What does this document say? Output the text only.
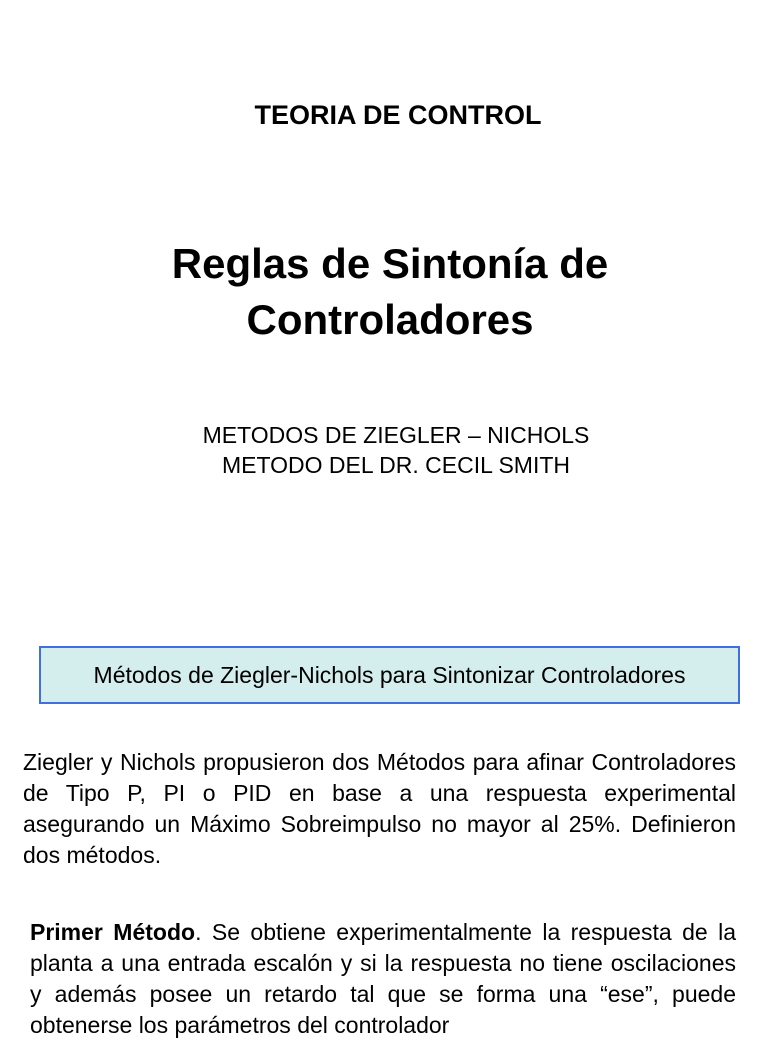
TEORIA DE CONTROL
Reglas de Sintonía de
Controladores
METODOS DE ZIEGLER – NICHOLS
METODO DEL DR. CECIL SMITH
Métodos de Ziegler-Nichols para Sintonizar Controladores
Ziegler y Nichols propusieron dos Métodos para afinar Controladores de Tipo P, PI o PID en base a una respuesta experimental asegurando un Máximo Sobreimpulso no mayor al 25%. Definieron dos métodos.
Primer Método. Se obtiene experimentalmente la respuesta de la planta a una entrada escalón y si la respuesta no tiene oscilaciones y además posee un retardo tal que se forma una “ese”, puede obtenerse los parámetros del controlador
